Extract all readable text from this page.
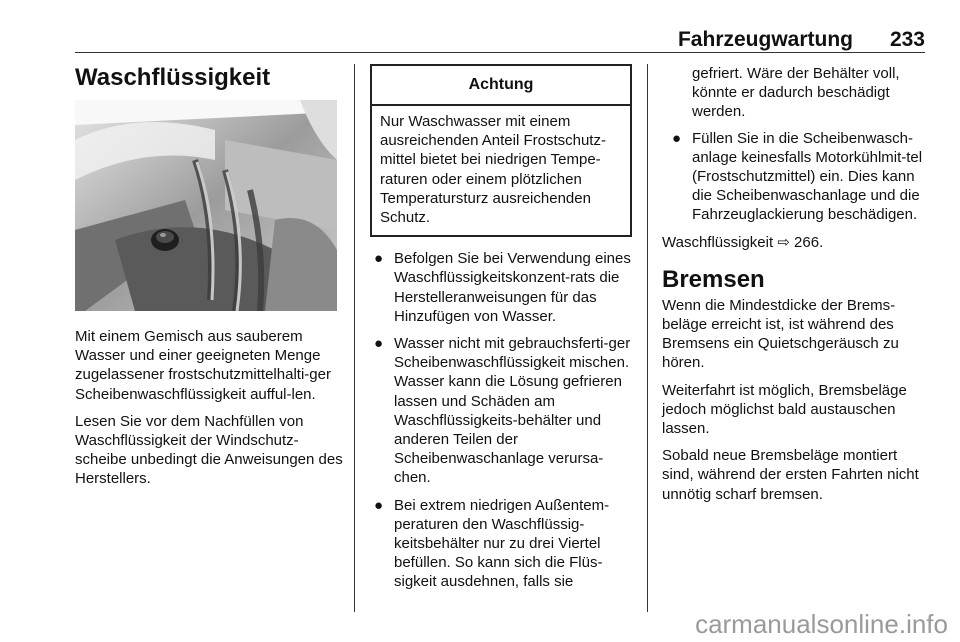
Fahrzeugwartung 233
Waschflüssigkeit

Mit einem Gemisch aus sauberem Wasser und einer geeigneten Menge zugelassener frostschutzmittelhalti-ger Scheibenwaschflüssigkeit aufful-len.

Lesen Sie vor dem Nachfüllen von Waschflüssigkeit der Windschutz-scheibe unbedingt die Anweisungen des Herstellers.

Achtung

Nur Waschwasser mit einem ausreichenden Anteil Frostschutz-mittel bietet bei niedrigen Tempe-raturen oder einem plötzlichen Temperatursturz ausreichenden Schutz.

● Befolgen Sie bei Verwendung eines Waschflüssigkeitskonzent-rats die Herstelleranweisungen für das Hinzufügen von Wasser.
● Wasser nicht mit gebrauchsferti-ger Scheibenwaschflüssigkeit mischen. Wasser kann die Lösung gefrieren lassen und Schäden am Waschflüssigkeits-behälter und anderen Teilen der Scheibenwaschanlage verursa-chen.
● Bei extrem niedrigen Außentem-peraturen den Waschflüssig-keitsbehälter nur zu drei Viertel befüllen. So kann sich die Flüs-sigkeit ausdehnen, falls sie

gefriert. Wäre der Behälter voll, könnte er dadurch beschädigt werden.

● Füllen Sie in die Scheibenwasch-anlage keinesfalls Motorkühlmit-tel (Frostschutzmittel) ein. Dies kann die Scheibenwaschanlage und die Fahrzeuglackierung beschädigen.

Waschflüssigkeit ⇨ 266.

Bremsen

Wenn die Mindestdicke der Brems-beläge erreicht ist, ist während des Bremsens ein Quietschgeräusch zu hören.

Weiterfahrt ist möglich, Bremsbeläge jedoch möglichst bald austauschen lassen.

Sobald neue Bremsbeläge montiert sind, während der ersten Fahrten nicht unnötig scharf bremsen.

carmanualsonline.info
